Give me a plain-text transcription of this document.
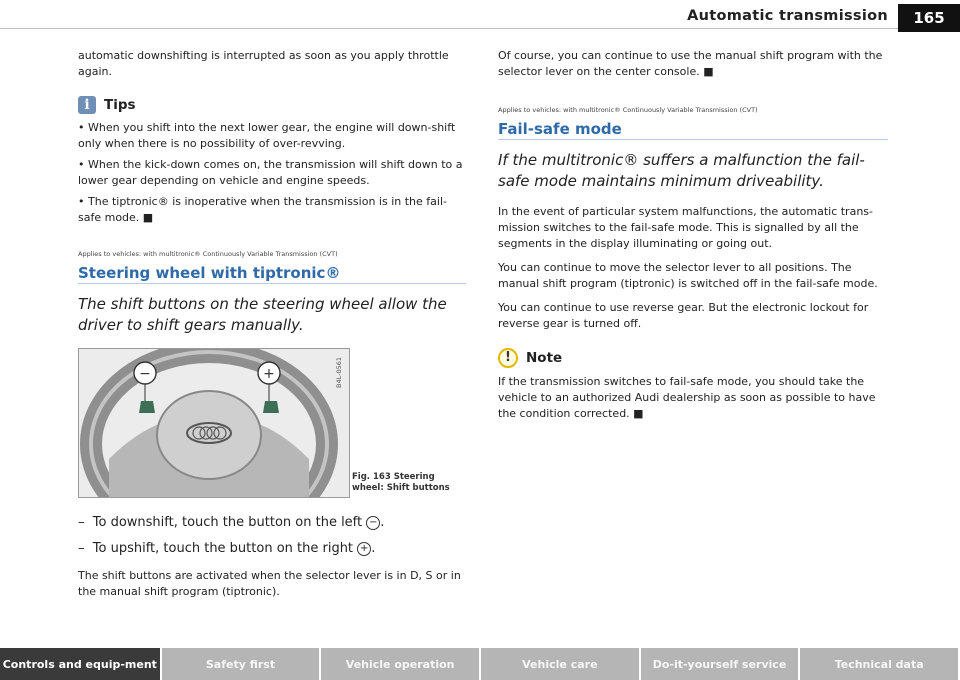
Automatic transmission	165

automatic downshifting is interrupted as soon as you apply throttle again.

i	Tips

• When you shift into the next lower gear, the engine will down-shift only when there is no possibility of over-revving.

• When the kick-down comes on, the transmission will shift down to a lower gear depending on vehicle and engine speeds.

• The tiptronic® is inoperative when the transmission is in the fail-safe mode. ■

Applies to vehicles: with multitronic® Continuously Variable Transmission (CVT)
Steering wheel with tiptronic®
The shift buttons on the steering wheel allow the driver to shift gears manually.
−	+	B4L-0561
Fig. 163 Steering wheel: Shift buttons

–  To downshift, touch the button on the left − .

–  To upshift, touch the button on the right + .

The shift buttons are activated when the selector lever is in D, S or in the manual shift program (tiptronic).

Of course, you can continue to use the manual shift program with the selector lever on the center console. ■

Applies to vehicles: with multitronic® Continuously Variable Transmission (CVT)
Fail-safe mode
If the multitronic® suffers a malfunction the fail-safe mode maintains minimum driveability.

In the event of particular system malfunctions, the automatic trans-mission switches to the fail-safe mode. This is signalled by all the segments in the display illuminating or going out.

You can continue to move the selector lever to all positions. The manual shift program (tiptronic) is switched off in the fail-safe mode.

You can continue to use reverse gear. But the electronic lockout for reverse gear is turned off.

!	Note

If the transmission switches to fail-safe mode, you should take the vehicle to an authorized Audi dealership as soon as possible to have the condition corrected. ■

Controls and equip-ment	Safety first	Vehicle operation	Vehicle care	Do-it-yourself service	Technical data
